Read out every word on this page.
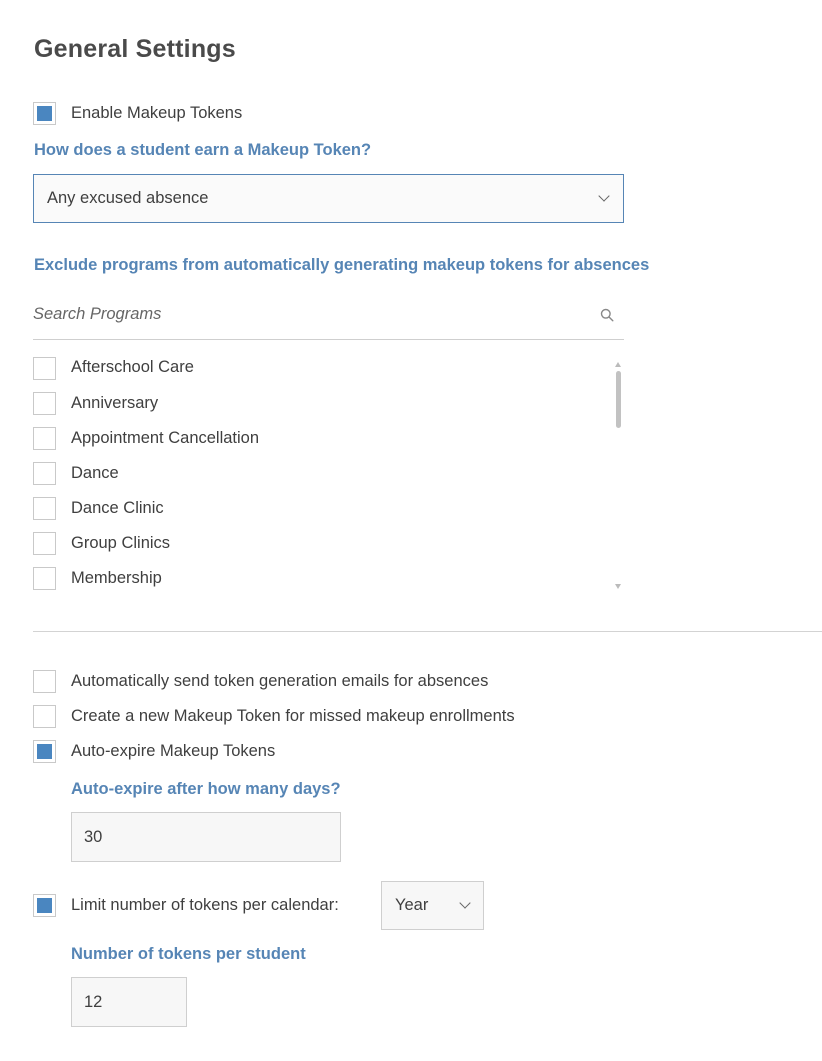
General Settings
Enable Makeup Tokens
How does a student earn a Makeup Token?
Any excused absence
Exclude programs from automatically generating makeup tokens for absences
Search Programs
Afterschool Care
Anniversary
Appointment Cancellation
Dance
Dance Clinic
Group Clinics
Membership
Automatically send token generation emails for absences
Create a new Makeup Token for missed makeup enrollments
Auto-expire Makeup Tokens
Auto-expire after how many days?
30
Limit number of tokens per calendar:	Year
Number of tokens per student
12
